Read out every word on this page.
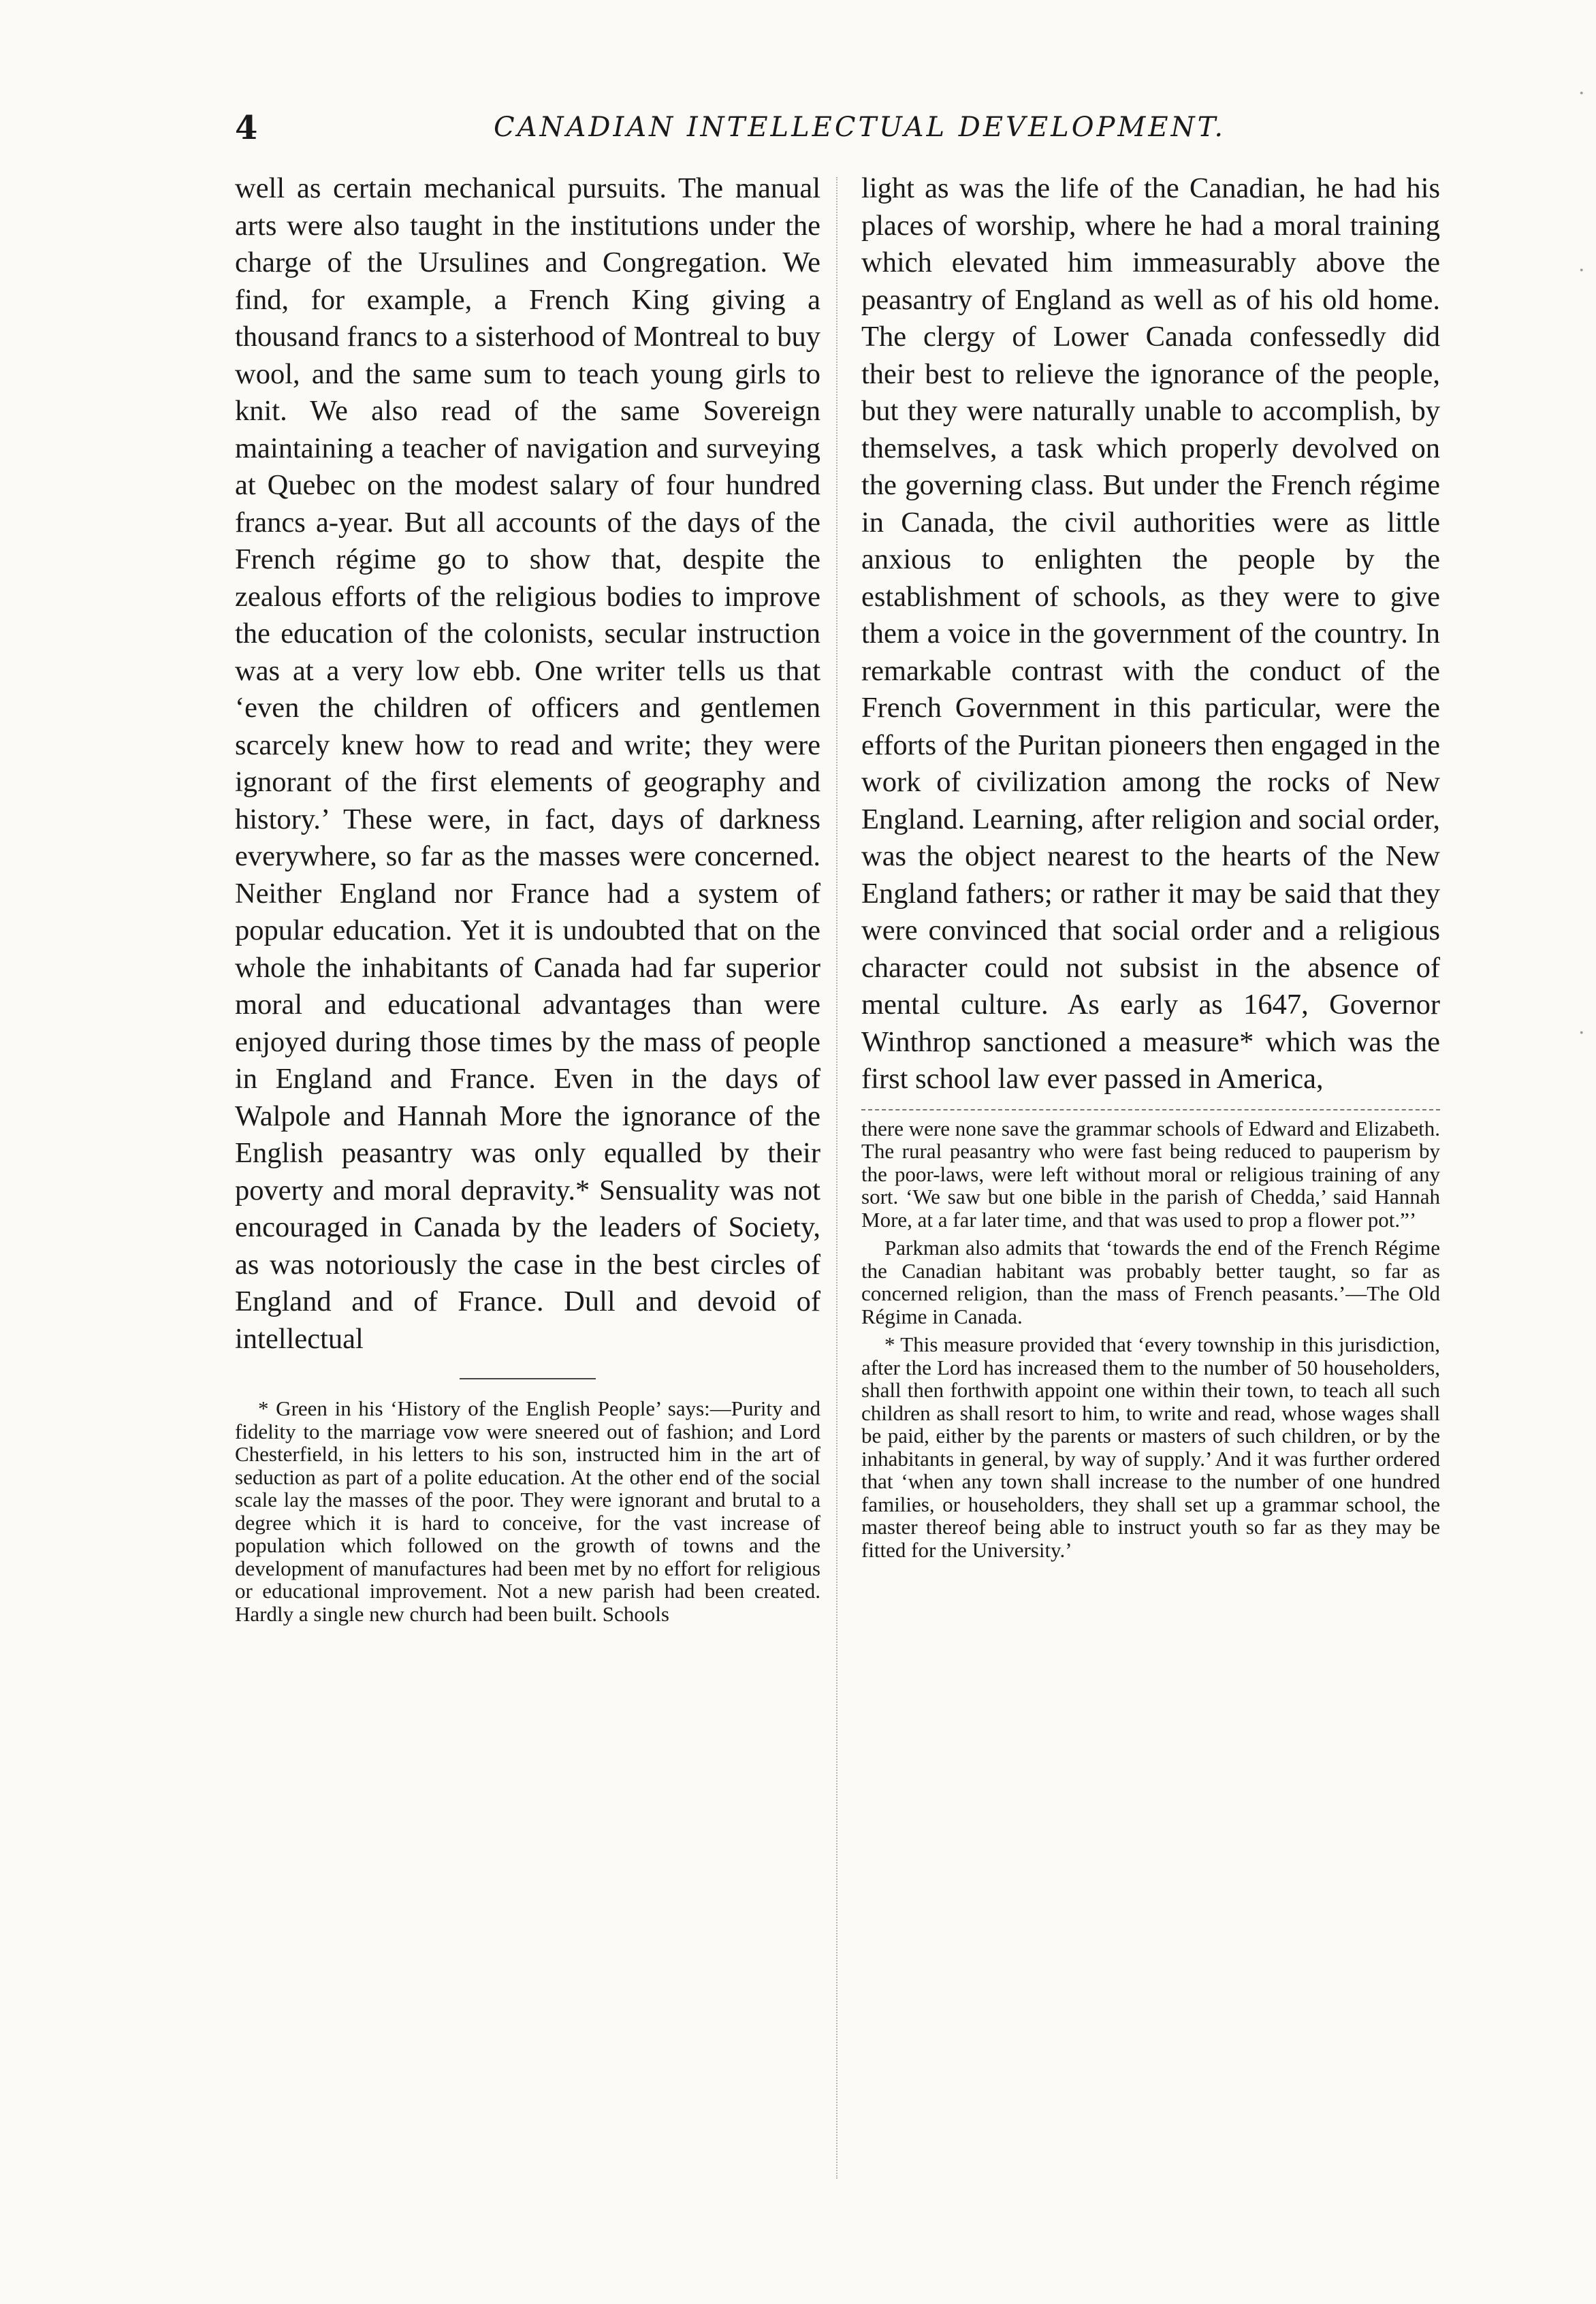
4	CANADIAN INTELLECTUAL DEVELOPMENT.
·
·
·

well as certain mechanical pursuits. The manual arts were also taught in the institutions under the charge of the Ursulines and Congregation. We find, for example, a French King giving a thousand francs to a sisterhood of Montreal to buy wool, and the same sum to teach young girls to knit. We also read of the same Sovereign maintaining a teacher of navigation and surveying at Quebec on the modest salary of four hundred francs a-year. But all accounts of the days of the French régime go to show that, despite the zealous efforts of the religious bodies to improve the education of the colonists, secular instruction was at a very low ebb. One writer tells us that ‘even the children of officers and gentlemen scarcely knew how to read and write; they were ignorant of the first elements of geography and history.’ These were, in fact, days of darkness everywhere, so far as the masses were concerned. Neither England nor France had a system of popular education. Yet it is undoubted that on the whole the inhabitants of Canada had far superior moral and educational advantages than were enjoyed during those times by the mass of people in England and France. Even in the days of Walpole and Hannah More the ignorance of the English peasantry was only equalled by their poverty and moral depravity.* Sensuality was not encouraged in Canada by the leaders of Society, as was notoriously the case in the best circles of England and of France. Dull and devoid of intellectual

* Green in his ‘History of the English People’ says:—Purity and fidelity to the marriage vow were sneered out of fashion; and Lord Chesterfield, in his letters to his son, instructed him in the art of seduction as part of a polite education. At the other end of the social scale lay the masses of the poor. They were ignorant and brutal to a degree which it is hard to conceive, for the vast increase of population which followed on the growth of towns and the development of manufactures had been met by no effort for religious or educational improvement. Not a new parish had been created. Hardly a single new church had been built. Schools

light as was the life of the Canadian, he had his places of worship, where he had a moral training which elevated him immeasurably above the peasantry of England as well as of his old home. The clergy of Lower Canada confessedly did their best to relieve the ignorance of the people, but they were naturally unable to accomplish, by themselves, a task which properly devolved on the governing class. But under the French régime in Canada, the civil authorities were as little anxious to enlighten the people by the establishment of schools, as they were to give them a voice in the government of the country. In remarkable contrast with the conduct of the French Government in this particular, were the efforts of the Puritan pioneers then engaged in the work of civilization among the rocks of New England. Learning, after religion and social order, was the object nearest to the hearts of the New England fathers; or rather it may be said that they were convinced that social order and a religious character could not subsist in the absence of mental culture. As early as 1647, Governor Winthrop sanctioned a measure* which was the first school law ever passed in America,

there were none save the grammar schools of Edward and Elizabeth. The rural peasantry who were fast being reduced to pauperism by the poor-laws, were left without moral or religious training of any sort. ‘We saw but one bible in the parish of Chedda,’ said Hannah More, at a far later time, and that was used to prop a flower pot.”’

Parkman also admits that ‘towards the end of the French Régime the Canadian habitant was probably better taught, so far as concerned religion, than the mass of French peasants.’—The Old Régime in Canada.

* This measure provided that ‘every township in this jurisdiction, after the Lord has increased them to the number of 50 householders, shall then forthwith appoint one within their town, to teach all such children as shall resort to him, to write and read, whose wages shall be paid, either by the parents or masters of such children, or by the inhabitants in general, by way of supply.’ And it was further ordered that ‘when any town shall increase to the number of one hundred families, or householders, they shall set up a grammar school, the master thereof being able to instruct youth so far as they may be fitted for the University.’
